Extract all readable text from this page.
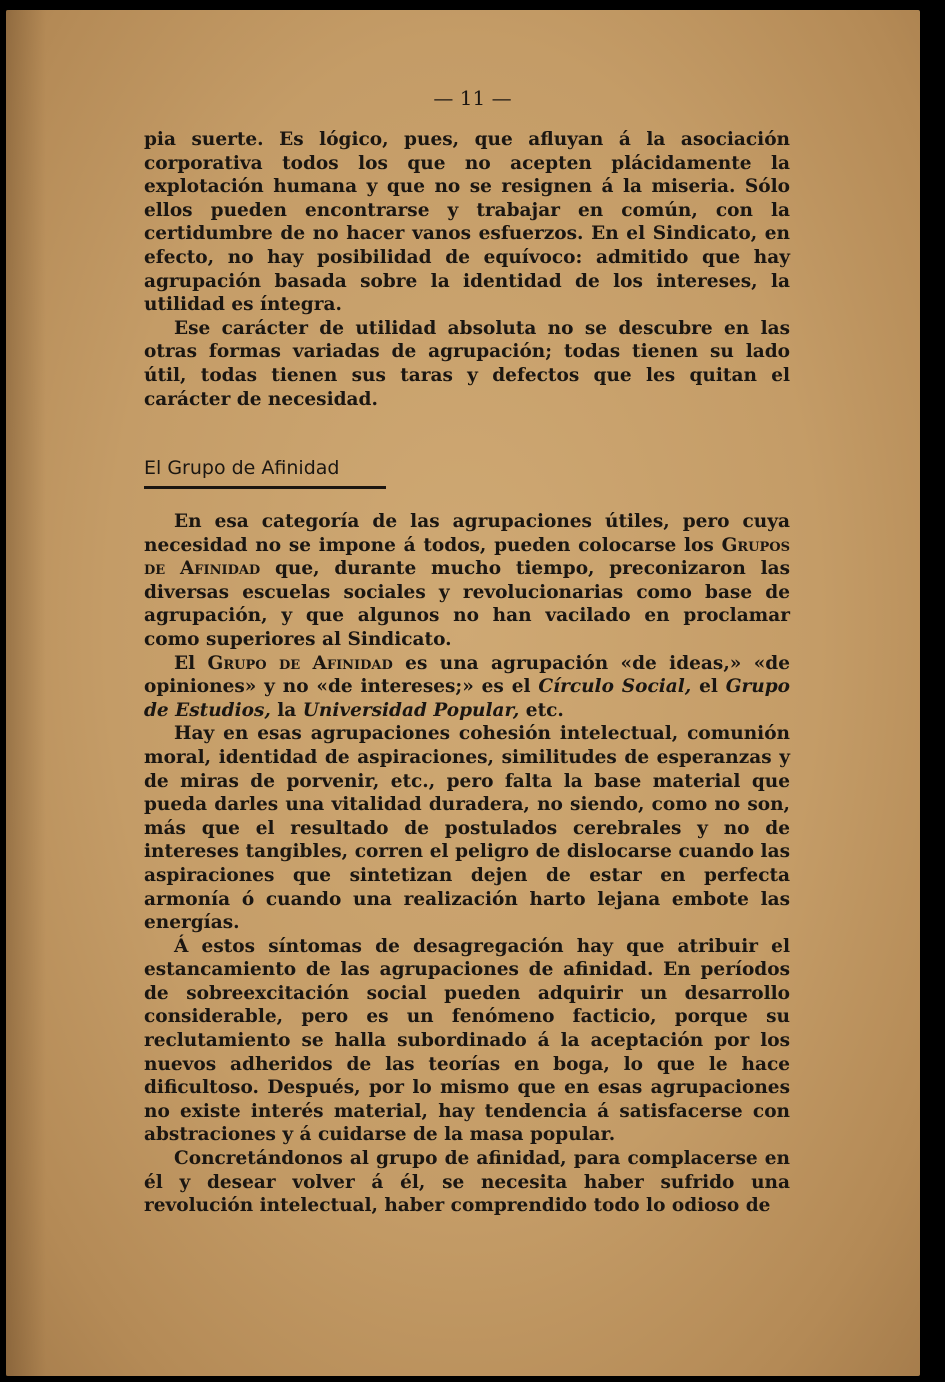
— 11 —

pia suerte. Es lógico, pues, que afluyan á la asociación corporativa todos los que no acepten plácidamente la explotación humana y que no se resignen á la miseria. Sólo ellos pueden encontrarse y trabajar en común, con la certidumbre de no hacer vanos esfuerzos. En el Sindicato, en efecto, no hay posibilidad de equívoco: admitido que hay agrupación basada sobre la identidad de los intereses, la utilidad es íntegra.

Ese carácter de utilidad absoluta no se descubre en las otras formas variadas de agrupación; todas tienen su lado útil, todas tienen sus taras y defectos que les quitan el carácter de necesidad.

El Grupo de Afinidad

En esa categoría de las agrupaciones útiles, pero cuya necesidad no se impone á todos, pueden colocarse los Grupos de Afinidad que, durante mucho tiempo, preconizaron las diversas escuelas sociales y revolucionarias como base de agrupación, y que algunos no han vacilado en proclamar como superiores al Sindicato.

El Grupo de Afinidad es una agrupación «de ideas,» «de opiniones» y no «de intereses;» es el Círculo Social, el Grupo de Estudios, la Universidad Popular, etc.

Hay en esas agrupaciones cohesión intelectual, comunión moral, identidad de aspiraciones, similitudes de esperanzas y de miras de porvenir, etc., pero falta la base material que pueda darles una vitalidad duradera, no siendo, como no son, más que el resultado de postulados cerebrales y no de intereses tangibles, corren el peligro de dislocarse cuando las aspiraciones que sintetizan dejen de estar en perfecta armonía ó cuando una realización harto lejana embote las energías.

Á estos síntomas de desagregación hay que atribuir el estancamiento de las agrupaciones de afinidad. En períodos de sobreexcitación social pueden adquirir un desarrollo considerable, pero es un fenómeno facticio, porque su reclutamiento se halla subordinado á la aceptación por los nuevos adheridos de las teorías en boga, lo que le hace dificultoso. Después, por lo mismo que en esas agrupaciones no existe interés material, hay tendencia á satisfacerse con abstraciones y á cuidarse de la masa popular.

Concretándonos al grupo de afinidad, para complacerse en él y desear volver á él, se necesita haber sufrido una revolución intelectual, haber comprendido todo lo odioso de
